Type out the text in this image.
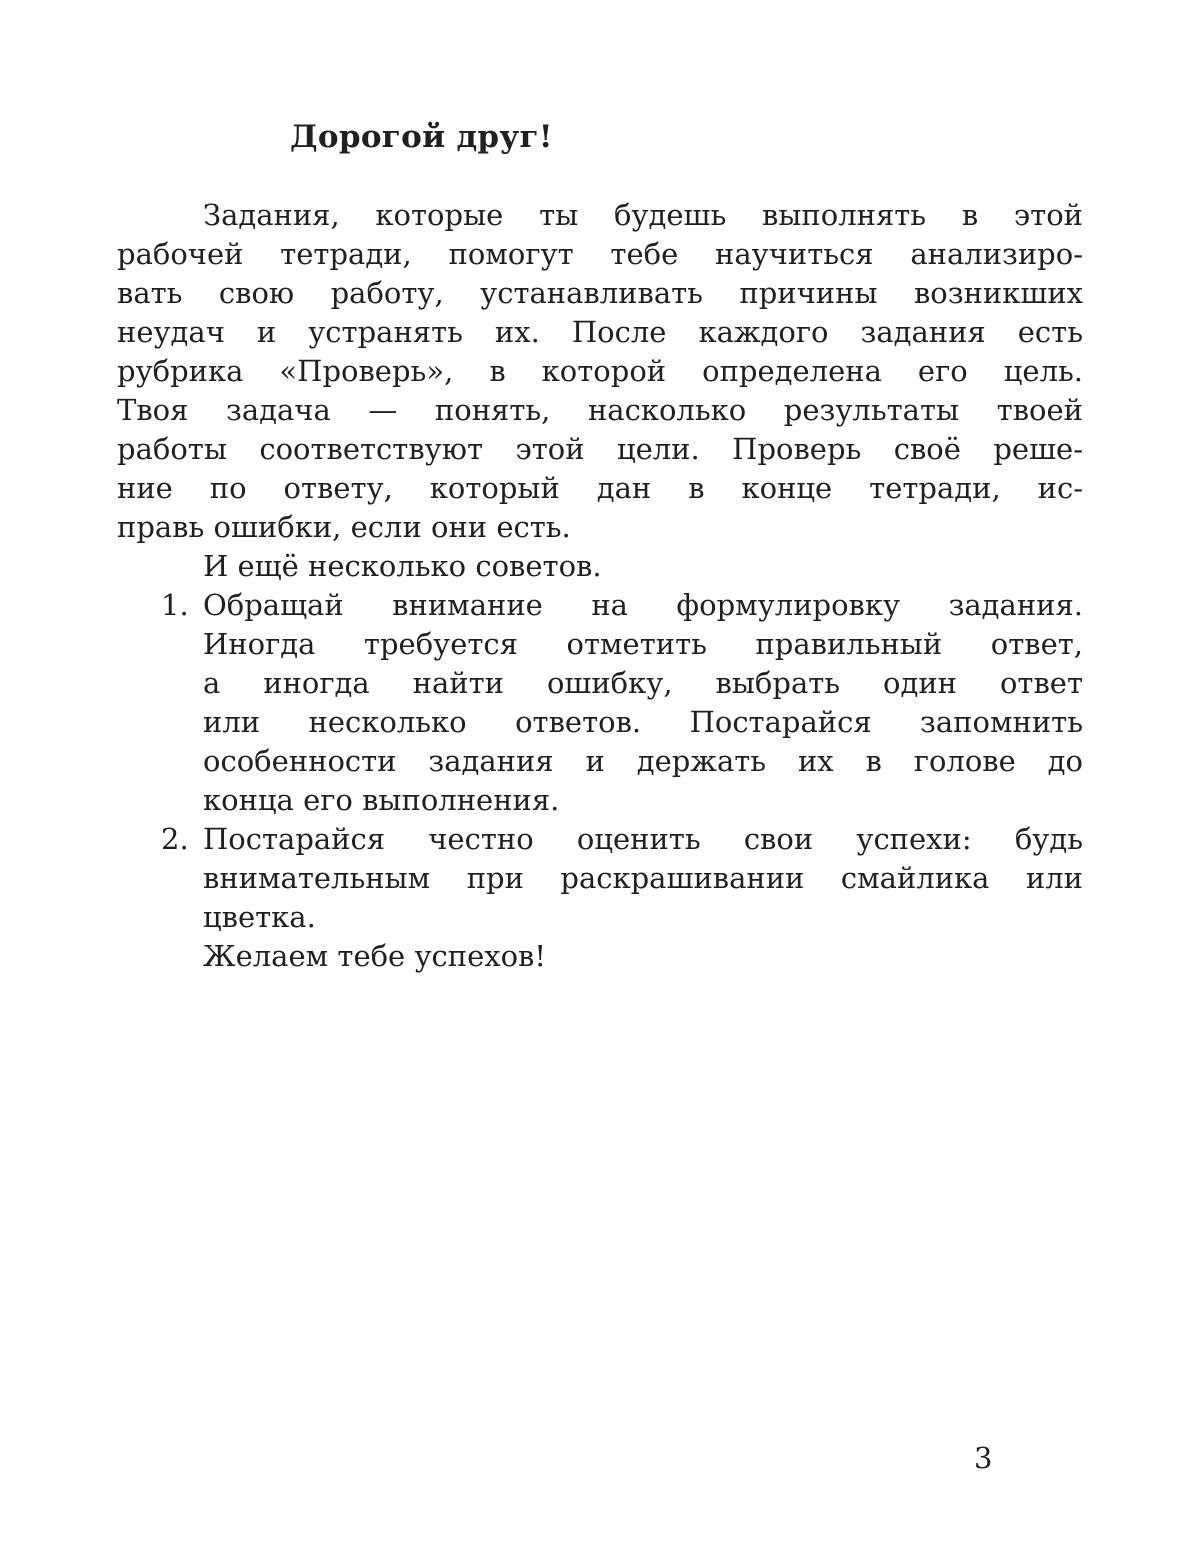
Дорогой друг!
Задания, которые ты будешь выполнять в этой
рабочей тетради, помогут тебе научиться анализиро-
вать свою работу, устанавливать причины возникших
неудач и устранять их. После каждого задания есть
рубрика «Проверь», в которой определена его цель.
Твоя задача — понять, насколько результаты твоей
работы соответствуют этой цели. Проверь своё реше-
ние по ответу, который дан в конце тетради, ис-
правь ошибки, если они есть.
И ещё несколько советов.
1. Обращай внимание на формулировку задания.
Иногда требуется отметить правильный ответ,
а иногда найти ошибку, выбрать один ответ
или несколько ответов. Постарайся запомнить
особенности задания и держать их в голове до
конца его выполнения.
2. Постарайся честно оценить свои успехи: будь
внимательным при раскрашивании смайлика или
цветка.
Желаем тебе успехов!
3
